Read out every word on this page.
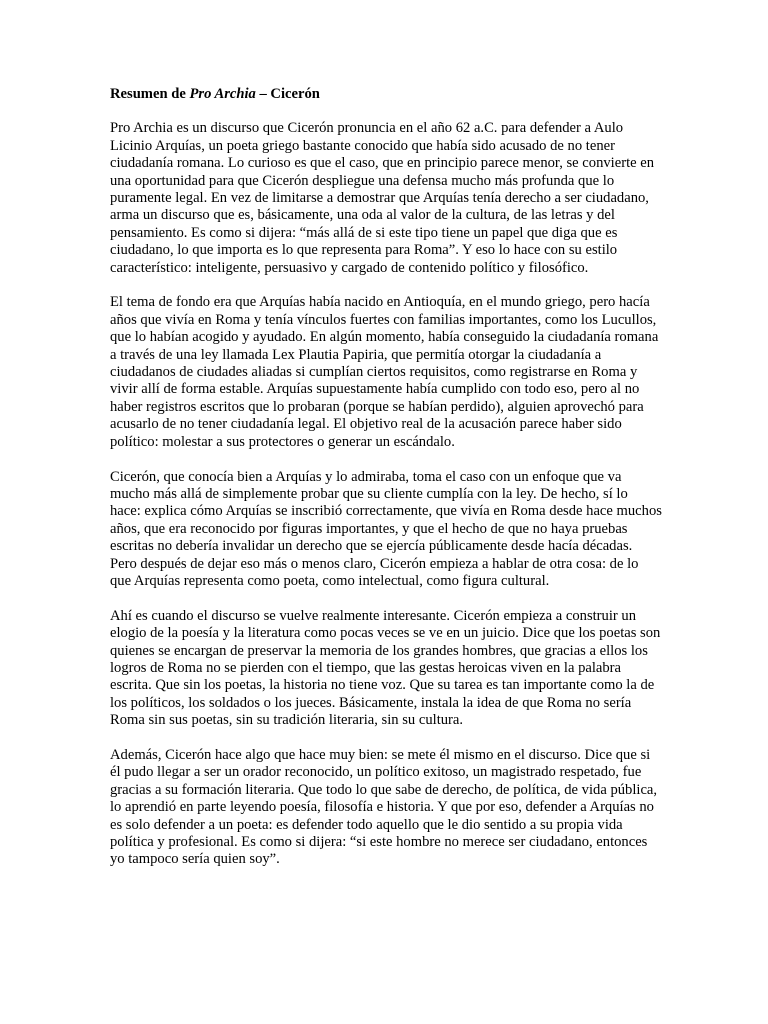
Resumen de Pro Archia – Cicerón

Pro Archia es un discurso que Cicerón pronuncia en el año 62 a.C. para defender a Aulo Licinio Arquías, un poeta griego bastante conocido que había sido acusado de no tener ciudadanía romana. Lo curioso es que el caso, que en principio parece menor, se convierte en una oportunidad para que Cicerón despliegue una defensa mucho más profunda que lo puramente legal. En vez de limitarse a demostrar que Arquías tenía derecho a ser ciudadano, arma un discurso que es, básicamente, una oda al valor de la cultura, de las letras y del pensamiento. Es como si dijera: “más allá de si este tipo tiene un papel que diga que es ciudadano, lo que importa es lo que representa para Roma”. Y eso lo hace con su estilo característico: inteligente, persuasivo y cargado de contenido político y filosófico.

El tema de fondo era que Arquías había nacido en Antioquía, en el mundo griego, pero hacía años que vivía en Roma y tenía vínculos fuertes con familias importantes, como los Lucullos, que lo habían acogido y ayudado. En algún momento, había conseguido la ciudadanía romana a través de una ley llamada Lex Plautia Papiria, que permitía otorgar la ciudadanía a ciudadanos de ciudades aliadas si cumplían ciertos requisitos, como registrarse en Roma y vivir allí de forma estable. Arquías supuestamente había cumplido con todo eso, pero al no haber registros escritos que lo probaran (porque se habían perdido), alguien aprovechó para acusarlo de no tener ciudadanía legal. El objetivo real de la acusación parece haber sido político: molestar a sus protectores o generar un escándalo.

Cicerón, que conocía bien a Arquías y lo admiraba, toma el caso con un enfoque que va mucho más allá de simplemente probar que su cliente cumplía con la ley. De hecho, sí lo hace: explica cómo Arquías se inscribió correctamente, que vivía en Roma desde hace muchos años, que era reconocido por figuras importantes, y que el hecho de que no haya pruebas escritas no debería invalidar un derecho que se ejercía públicamente desde hacía décadas. Pero después de dejar eso más o menos claro, Cicerón empieza a hablar de otra cosa: de lo que Arquías representa como poeta, como intelectual, como figura cultural.

Ahí es cuando el discurso se vuelve realmente interesante. Cicerón empieza a construir un elogio de la poesía y la literatura como pocas veces se ve en un juicio. Dice que los poetas son quienes se encargan de preservar la memoria de los grandes hombres, que gracias a ellos los logros de Roma no se pierden con el tiempo, que las gestas heroicas viven en la palabra escrita. Que sin los poetas, la historia no tiene voz. Que su tarea es tan importante como la de los políticos, los soldados o los jueces. Básicamente, instala la idea de que Roma no sería Roma sin sus poetas, sin su tradición literaria, sin su cultura.

Además, Cicerón hace algo que hace muy bien: se mete él mismo en el discurso. Dice que si él pudo llegar a ser un orador reconocido, un político exitoso, un magistrado respetado, fue gracias a su formación literaria. Que todo lo que sabe de derecho, de política, de vida pública, lo aprendió en parte leyendo poesía, filosofía e historia. Y que por eso, defender a Arquías no es solo defender a un poeta: es defender todo aquello que le dio sentido a su propia vida política y profesional. Es como si dijera: “si este hombre no merece ser ciudadano, entonces yo tampoco sería quien soy”.
